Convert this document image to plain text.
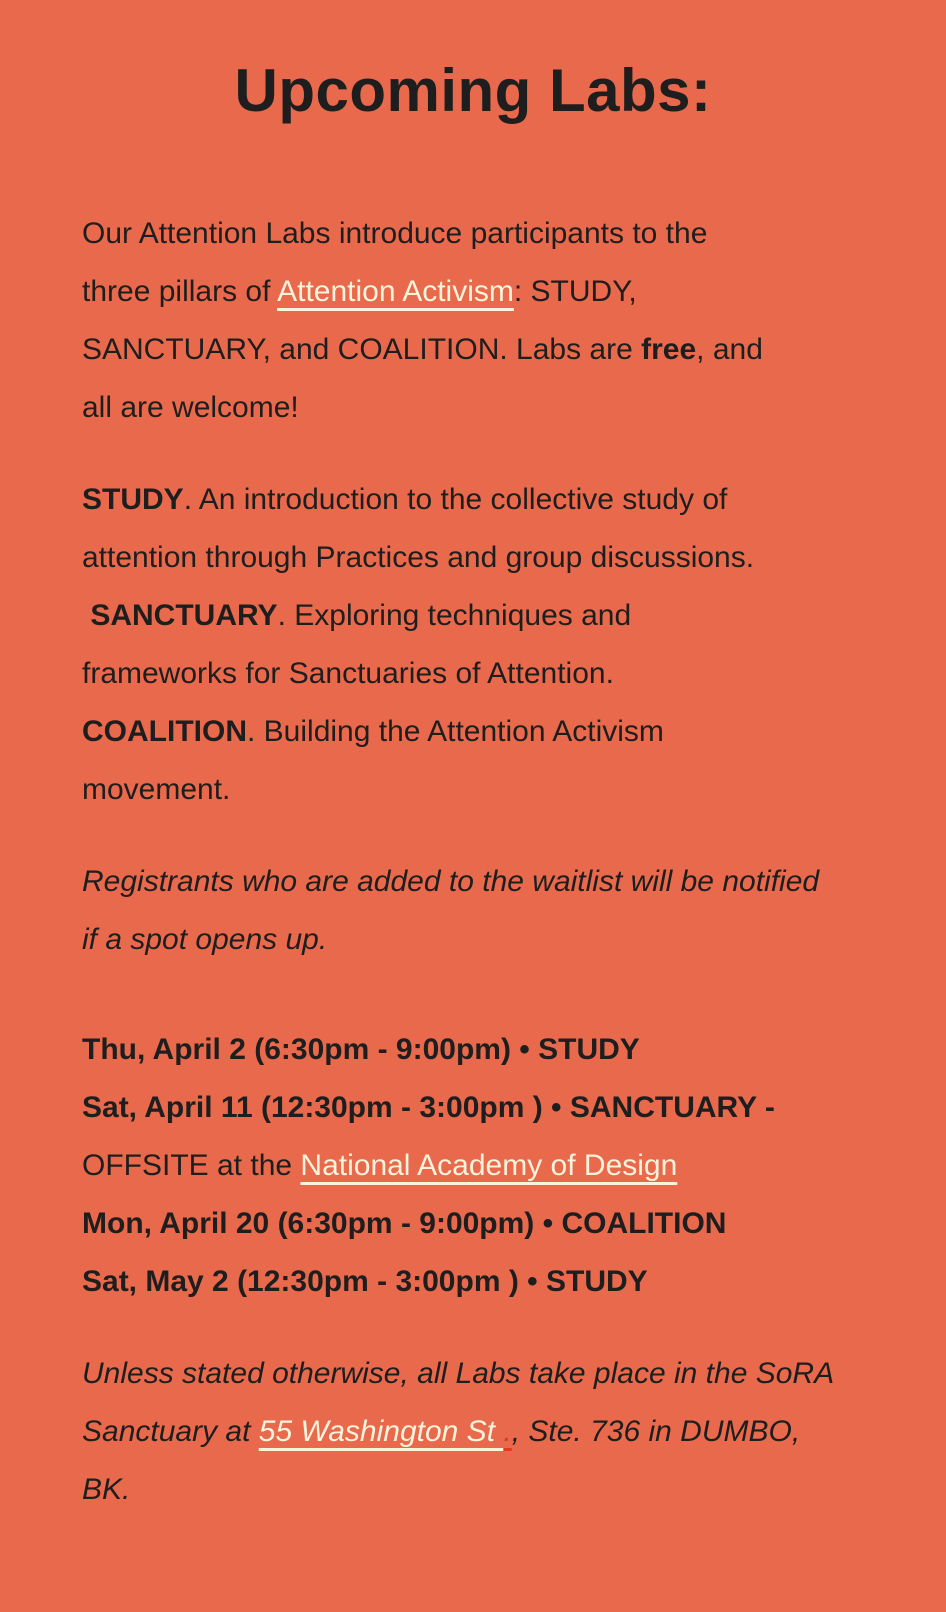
Upcoming Labs:
Our Attention Labs introduce participants to the
three pillars of Attention Activism: STUDY,
SANCTUARY, and COALITION. Labs are free, and
all are welcome!
STUDY. An introduction to the collective study of
attention through Practices and group discussions.
SANCTUARY. Exploring techniques and
frameworks for Sanctuaries of Attention.
COALITION. Building the Attention Activism
movement.
Registrants who are added to the waitlist will be notified
if a spot opens up.
Thu, April 2 (6:30pm - 9:00pm) • STUDY
Sat, April 11 (12:30pm - 3:00pm ) • SANCTUARY -
OFFSITE at the National Academy of Design
Mon, April 20 (6:30pm - 9:00pm) • COALITION
Sat, May 2 (12:30pm - 3:00pm ) • STUDY
Unless stated otherwise, all Labs take place in the SoRA
Sanctuary at 55 Washington St ., Ste. 736 in DUMBO,
BK.
